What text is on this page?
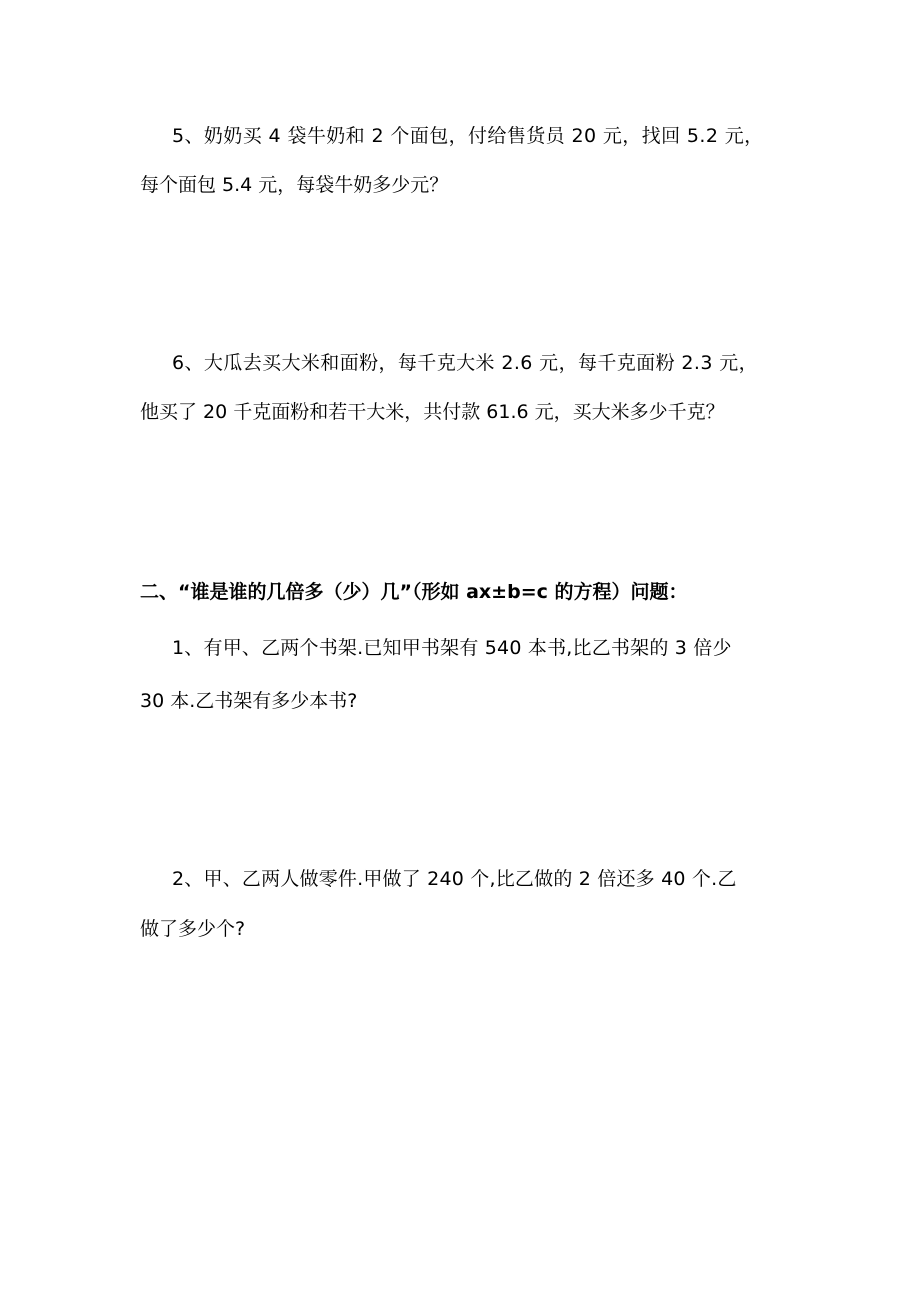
5、奶奶买 4 袋牛奶和 2 个面包，付给售货员 20 元，找回 5.2 元，
每个面包 5.4 元，每袋牛奶多少元？
6、大瓜去买大米和面粉，每千克大米 2.6 元，每千克面粉 2.3 元，
他买了 20 千克面粉和若干大米，共付款 61.6 元，买大米多少千克？
二、“谁是谁的几倍多（少）几”（形如 ax±b=c 的方程）问题：
1、有甲、乙两个书架.已知甲书架有 540 本书,比乙书架的 3 倍少
30 本.乙书架有多少本书?
2、甲、乙两人做零件.甲做了 240 个,比乙做的 2 倍还多 40 个.乙
做了多少个?
